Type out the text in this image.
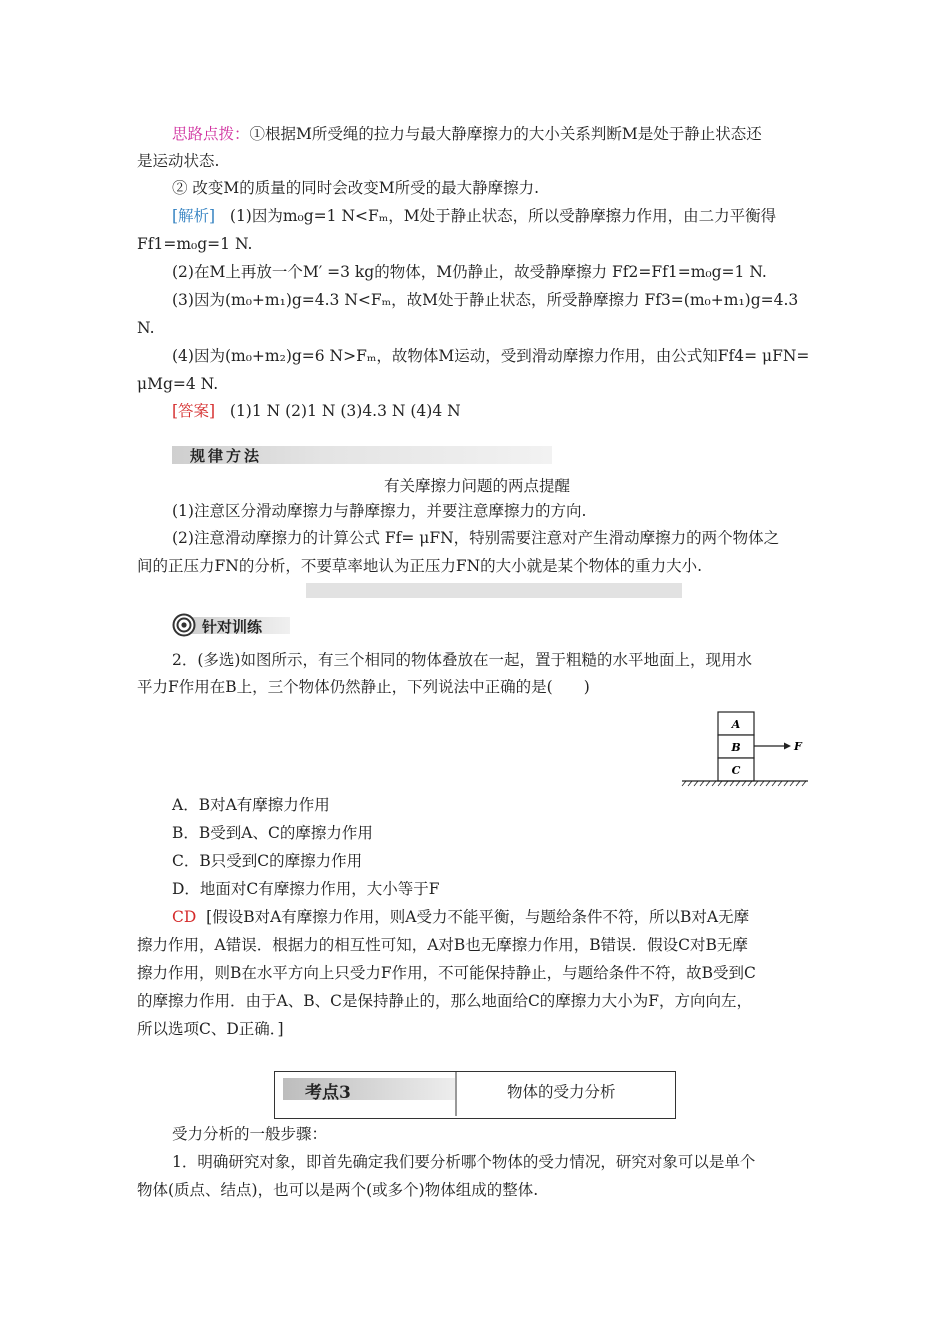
思路点拨：①根据M所受绳的拉力与最大静摩擦力的大小关系判断M是处于静止状态还
是运动状态.
② 改变M的质量的同时会改变M所受的最大静摩擦力.
[解析] (1)因为m₀g=1 N<Fₘ，M处于静止状态，所以受静摩擦力作用，由二力平衡得
Ff1=m₀g=1 N.
(2)在M上再放一个M′ =3 kg的物体，M仍静止，故受静摩擦力 Ff2=Ff1=m₀g=1 N.
(3)因为(m₀+m₁)g=4.3 N<Fₘ，故M处于静止状态，所受静摩擦力 Ff3=(m₀+m₁)g=4.3
N.
(4)因为(m₀+m₂)g=6 N>Fₘ，故物体M运动，受到滑动摩擦力作用，由公式知Ff4= μFN=
μMg=4 N.
[答案] (1)1 N (2)1 N (3)4.3 N (4)4 N
规律方法
有关摩擦力问题的两点提醒
(1)注意区分滑动摩擦力与静摩擦力，并要注意摩擦力的方向.
(2)注意滑动摩擦力的计算公式 Ff= μFN，特别需要注意对产生滑动摩擦力的两个物体之
间的正压力FN的分析，不要草率地认为正压力FN的大小就是某个物体的重力大小.
针对训练
2．(多选)如图所示，有三个相同的物体叠放在一起，置于粗糙的水平地面上，现用水
平力F作用在B上，三个物体仍然静止，下列说法中正确的是(　　)
A
B
C
F
A．B对A有摩擦力作用
B．B受到A、C的摩擦力作用
C．B只受到C的摩擦力作用
D．地面对C有摩擦力作用，大小等于F
CD [假设B对A有摩擦力作用，则A受力不能平衡，与题给条件不符，所以B对A无摩
擦力作用，A错误．根据力的相互性可知，A对B也无摩擦力作用，B错误．假设C对B无摩
擦力作用，则B在水平方向上只受力F作用，不可能保持静止，与题给条件不符，故B受到C
的摩擦力作用．由于A、B、C是保持静止的，那么地面给C的摩擦力大小为F，方向向左，
所以选项C、D正确．]
考点3	物体的受力分析
受力分析的一般步骤：
1．明确研究对象，即首先确定我们要分析哪个物体的受力情况，研究对象可以是单个
物体(质点、结点)，也可以是两个(或多个)物体组成的整体.
